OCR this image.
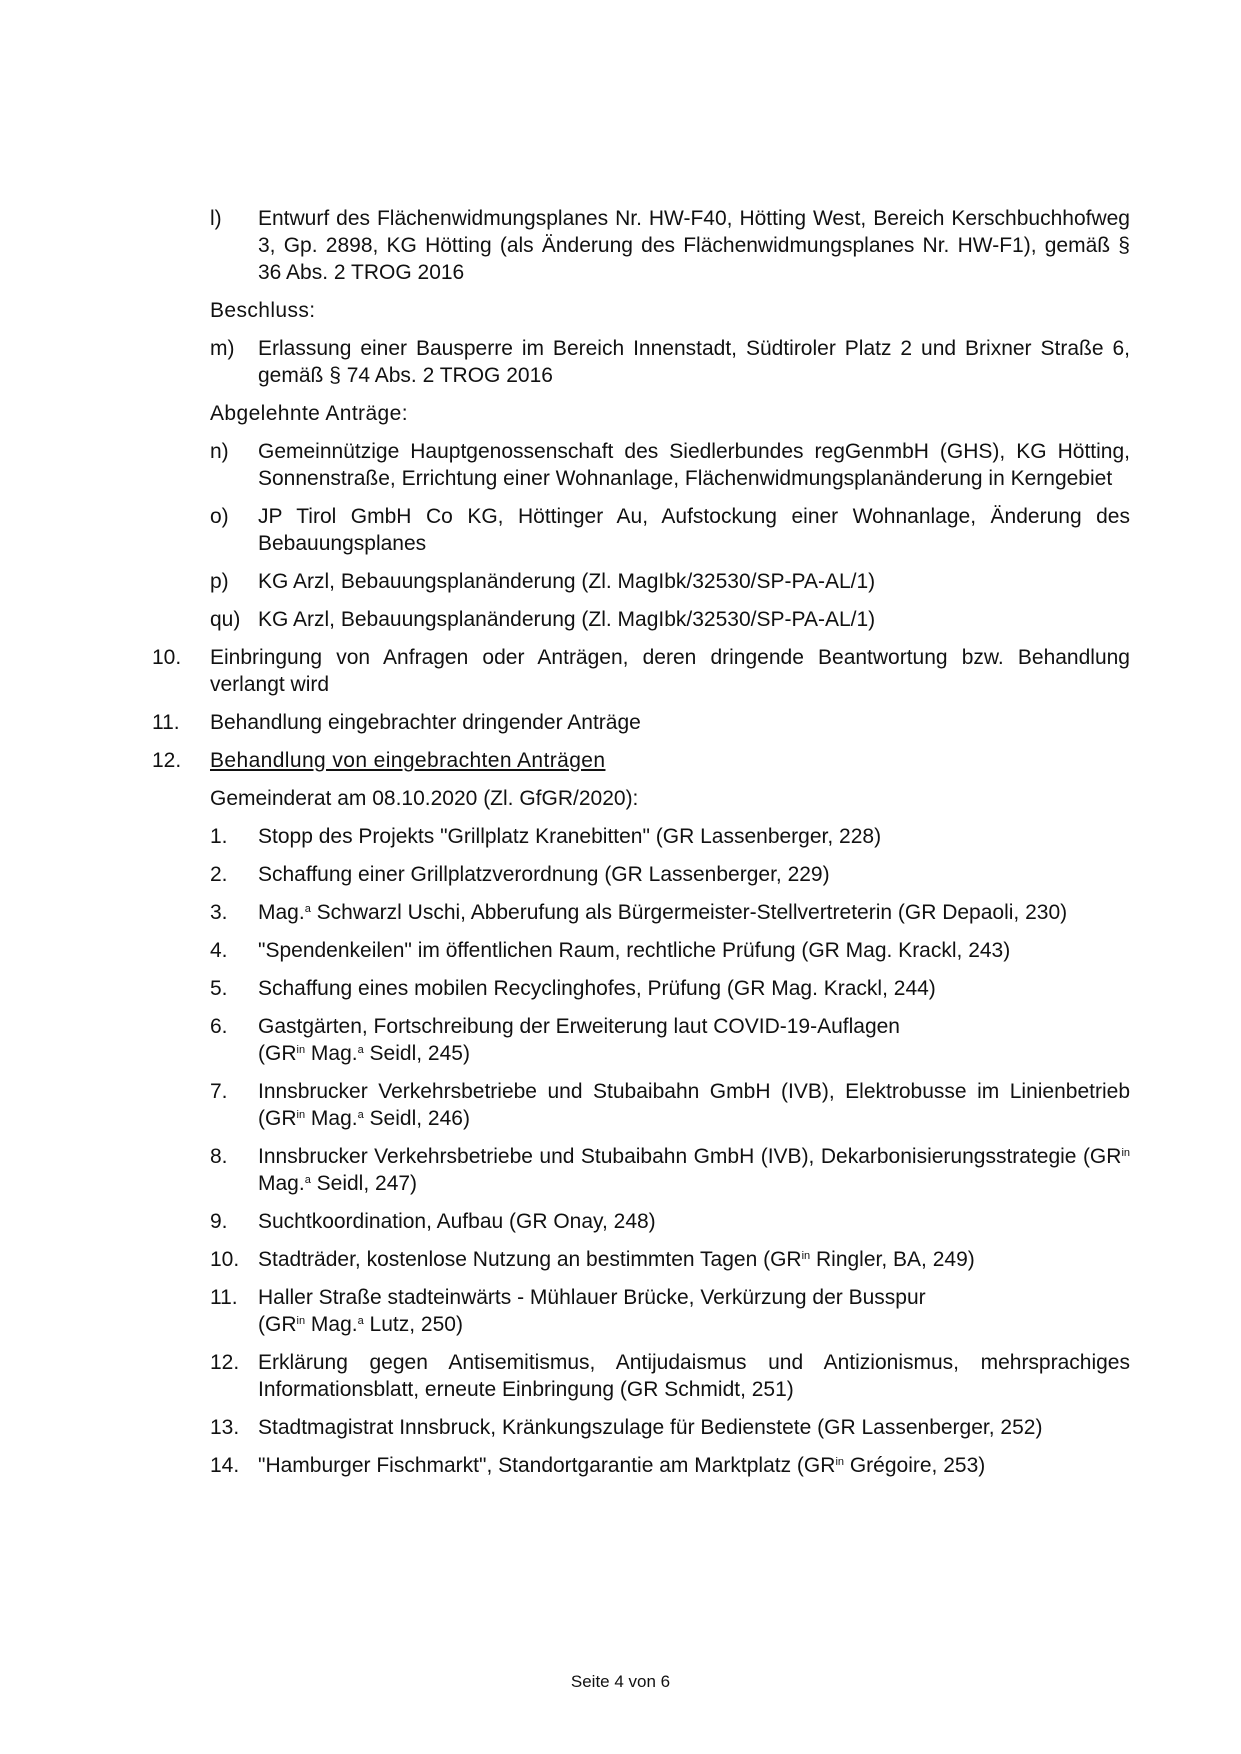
l)	Entwurf des Flächenwidmungsplanes Nr. HW-F40, Hötting West, Bereich Kerschbuchhofweg 3, Gp. 2898, KG Hötting (als Änderung des Flächenwidmungsplanes Nr. HW-F1), gemäß § 36 Abs. 2 TROG 2016
Beschluss:
m)	Erlassung einer Bausperre im Bereich Innenstadt, Südtiroler Platz 2 und Brixner Straße 6, gemäß § 74 Abs. 2 TROG 2016
Abgelehnte Anträge:
n)	Gemeinnützige Hauptgenossenschaft des Siedlerbundes regGenmbH (GHS), KG Hötting, Sonnenstraße, Errichtung einer Wohnanlage, Flächenwidmungsplanänderung in Kerngebiet
o)	JP Tirol GmbH Co KG, Höttinger Au, Aufstockung einer Wohnanlage, Änderung des Bebauungsplanes
p)	KG Arzl, Bebauungsplanänderung (Zl. MagIbk/32530/SP-PA-AL/1)
qu) KG Arzl, Bebauungsplanänderung (Zl. MagIbk/32530/SP-PA-AL/1)
10.	Einbringung von Anfragen oder Anträgen, deren dringende Beantwortung bzw. Behandlung verlangt wird
11.	Behandlung eingebrachter dringender Anträge
12.	Behandlung von eingebrachten Anträgen
Gemeinderat am 08.10.2020 (Zl. GfGR/2020):
1.	Stopp des Projekts "Grillplatz Kranebitten" (GR Lassenberger, 228)
2.	Schaffung einer Grillplatzverordnung (GR Lassenberger, 229)
3.	Mag.$^a$ Schwarzl Uschi, Abberufung als Bürgermeister-Stellvertreterin (GR Depaoli, 230)
4.	"Spendenkeilen" im öffentlichen Raum, rechtliche Prüfung (GR Mag. Krackl, 243)
5.	Schaffung eines mobilen Recyclinghofes, Prüfung (GR Mag. Krackl, 244)
6.	Gastgärten, Fortschreibung der Erweiterung laut COVID-19-Auflagen
($GR^{in}$ Mag.$^a$ Seidl, 245)
7.	Innsbrucker Verkehrsbetriebe und Stubaibahn GmbH (IVB), Elektrobusse im Linienbetrieb ($GR^{in}$ Mag.$^a$ Seidl, 246)
8.	Innsbrucker Verkehrsbetriebe und Stubaibahn GmbH (IVB), Dekarbonisierungsstrategie ($GR^{in}$ Mag.$^a$ Seidl, 247)
9.	Suchtkoordination, Aufbau (GR Onay, 248)
10. Stadträder, kostenlose Nutzung an bestimmten Tagen ($GR^{in}$ Ringler, BA, 249)
11. Haller Straße stadteinwärts - Mühlauer Brücke, Verkürzung der Busspur
($GR^{in}$ Mag.$^a$ Lutz, 250)
12. Erklärung gegen Antisemitismus, Antijudaismus und Antizionismus, mehrsprachiges Informationsblatt, erneute Einbringung (GR Schmidt, 251)
13. Stadtmagistrat Innsbruck, Kränkungszulage für Bedienstete (GR Lassenberger, 252)
14. "Hamburger Fischmarkt", Standortgarantie am Marktplatz ($GR^{in}$ Grégoire, 253)
Seite 4 von 6
